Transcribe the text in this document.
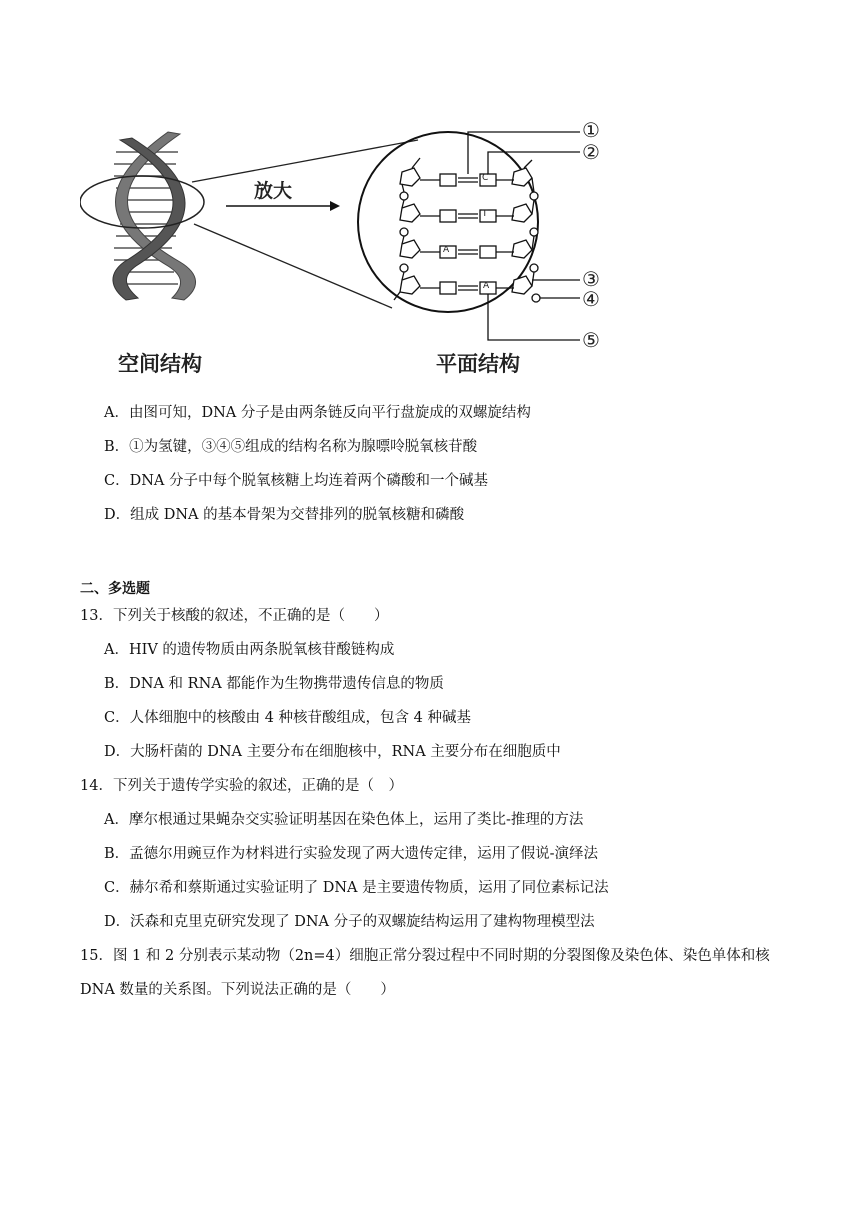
空间结构	平面结构
放大
①
②
③
④
⑤
C
T
A
A
A．由图可知，DNA 分子是由两条链反向平行盘旋成的双螺旋结构
B．①为氢键，③④⑤组成的结构名称为腺嘌呤脱氧核苷酸
C．DNA 分子中每个脱氧核糖上均连着两个磷酸和一个碱基
D．组成 DNA 的基本骨架为交替排列的脱氧核糖和磷酸
二、多选题
13．下列关于核酸的叙述，不正确的是（　　）
A．HIV 的遗传物质由两条脱氧核苷酸链构成
B．DNA 和 RNA 都能作为生物携带遗传信息的物质
C．人体细胞中的核酸由 4 种核苷酸组成，包含 4 种碱基
D．大肠杆菌的 DNA 主要分布在细胞核中，RNA 主要分布在细胞质中
14．下列关于遗传学实验的叙述，正确的是（　）
A．摩尔根通过果蝇杂交实验证明基因在染色体上，运用了类比-推理的方法
B．孟德尔用豌豆作为材料进行实验发现了两大遗传定律，运用了假说-演绎法
C．赫尔希和蔡斯通过实验证明了 DNA 是主要遗传物质，运用了同位素标记法
D．沃森和克里克研究发现了 DNA 分子的双螺旋结构运用了建构物理模型法
15．图 1 和 2 分别表示某动物（2n=4）细胞正常分裂过程中不同时期的分裂图像及染色体、染色单体和核
DNA 数量的关系图。下列说法正确的是（　　）
